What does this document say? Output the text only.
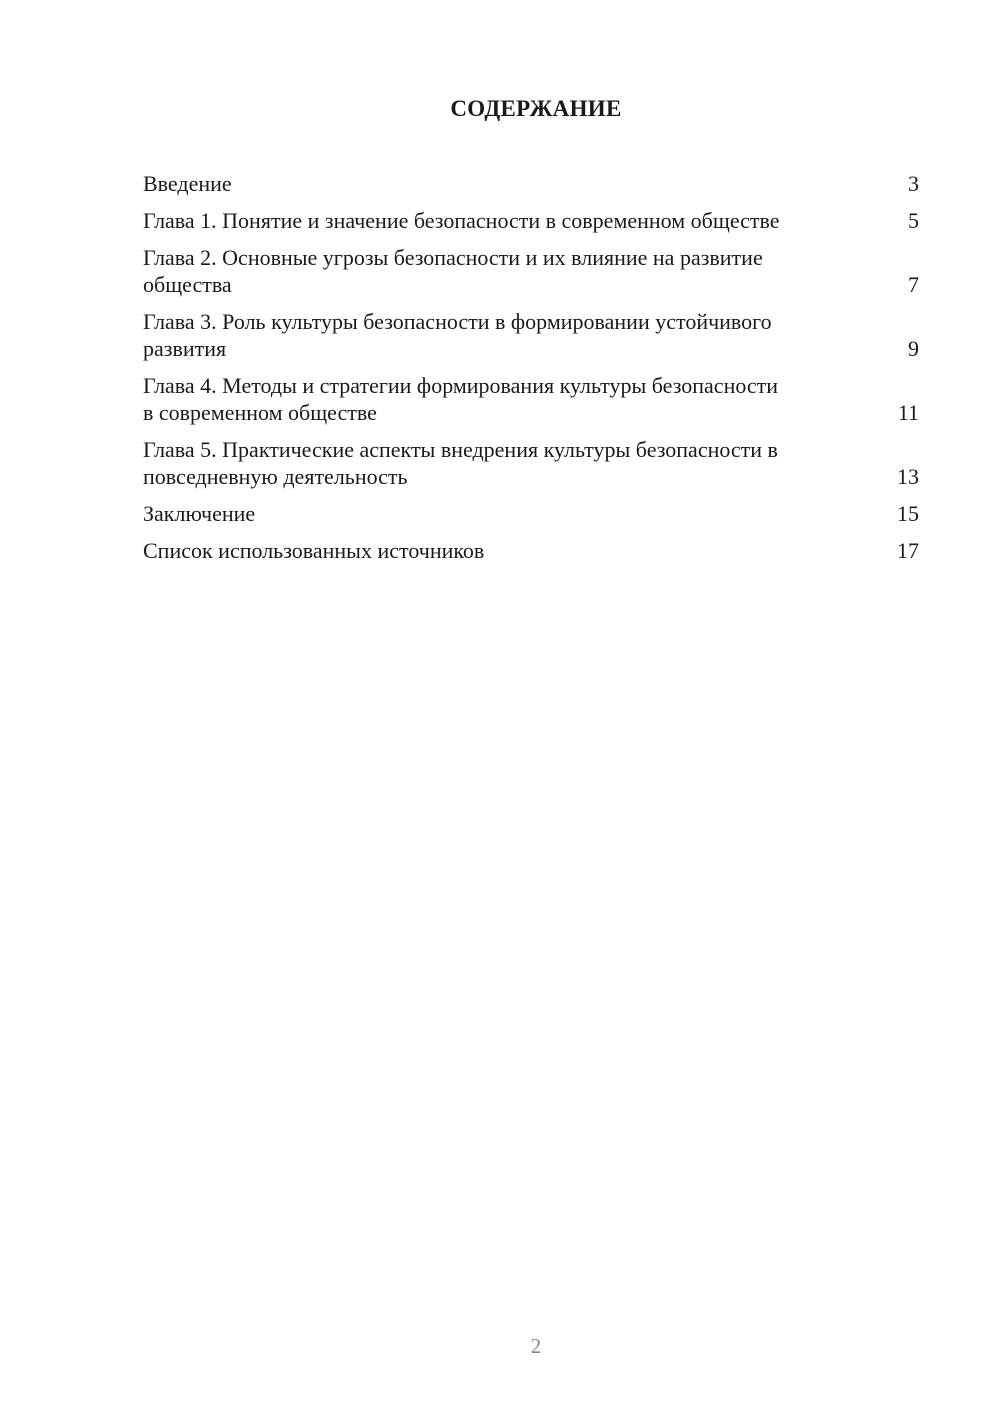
СОДЕРЖАНИЕ
Введение	3
Глава 1. Понятие и значение безопасности в современном обществе	5
Глава 2. Основные угрозы безопасности и их влияние на развитие общества	7
Глава 3. Роль культуры безопасности в формировании устойчивого развития	9
Глава 4. Методы и стратегии формирования культуры безопасности в современном обществе	11
Глава 5. Практические аспекты внедрения культуры безопасности в повседневную деятельность	13
Заключение	15
Список использованных источников	17
2
